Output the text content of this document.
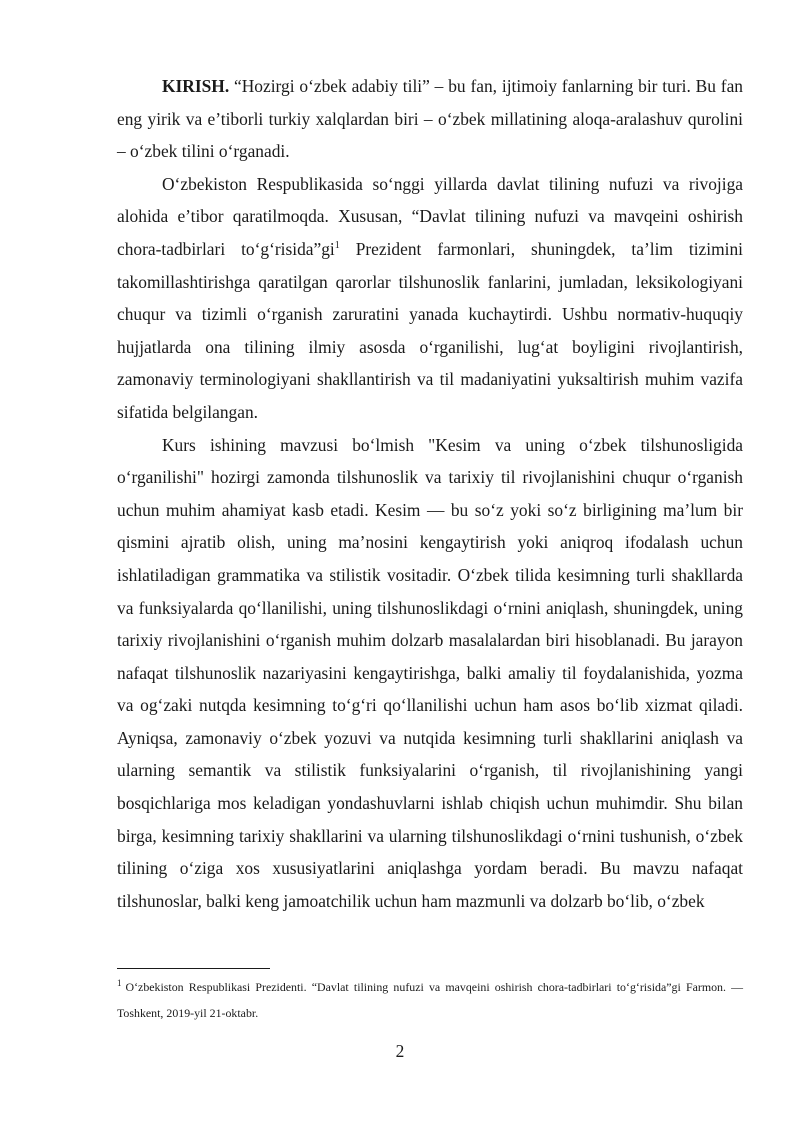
KIRISH. “Hozirgi o‘zbek adabiy tili” – bu fan, ijtimoiy fanlarning bir turi. Bu fan eng yirik va e’tiborli turkiy xalqlardan biri – o‘zbek millatining aloqa-aralashuv qurolini – o‘zbek tilini o‘rganadi.

O‘zbekiston Respublikasida so‘nggi yillarda davlat tilining nufuzi va rivojiga alohida e’tibor qaratilmoqda. Xususan, “Davlat tilining nufuzi va mavqeini oshirish chora-tadbirlari to‘g‘risida”gi$^1$ Prezident farmonlari, shuningdek, ta’lim tizimini takomillashtirishga qaratilgan qarorlar tilshunoslik fanlarini, jumladan, leksikologiyani chuqur va tizimli o‘rganish zaruratini yanada kuchaytirdi. Ushbu normativ-huquqiy hujjatlarda ona tilining ilmiy asosda o‘rganilishi, lug‘at boyligini rivojlantirish, zamonaviy terminologiyani shakllantirish va til madaniyatini yuksaltirish muhim vazifa sifatida belgilangan.

Kurs ishining mavzusi bo‘lmish "Kesim va uning o‘zbek tilshunosligida o‘rganilishi" hozirgi zamonda tilshunoslik va tarixiy til rivojlanishini chuqur o‘rganish uchun muhim ahamiyat kasb etadi. Kesim — bu so‘z yoki so‘z birligining ma’lum bir qismini ajratib olish, uning ma’nosini kengaytirish yoki aniqroq ifodalash uchun ishlatiladigan grammatika va stilistik vositadir. O‘zbek tilida kesimning turli shakllarda va funksiyalarda qo‘llanilishi, uning tilshunoslikdagi o‘rnini aniqlash, shuningdek, uning tarixiy rivojlanishini o‘rganish muhim dolzarb masalalardan biri hisoblanadi. Bu jarayon nafaqat tilshunoslik nazariyasini kengaytirishga, balki amaliy til foydalanishida, yozma va og‘zaki nutqda kesimning to‘g‘ri qo‘llanilishi uchun ham asos bo‘lib xizmat qiladi. Ayniqsa, zamonaviy o‘zbek yozuvi va nutqida kesimning turli shakllarini aniqlash va ularning semantik va stilistik funksiyalarini o‘rganish, til rivojlanishining yangi bosqichlariga mos keladigan yondashuvlarni ishlab chiqish uchun muhimdir. Shu bilan birga, kesimning tarixiy shakllarini va ularning tilshunoslikdagi o‘rnini tushunish, o‘zbek tilining o‘ziga xos xususiyatlarini aniqlashga yordam beradi. Bu mavzu nafaqat tilshunoslar, balki keng jamoatchilik uchun ham mazmunli va dolzarb bo‘lib, o‘zbek

$^1$ O‘zbekiston Respublikasi Prezidenti. “Davlat tilining nufuzi va mavqeini oshirish chora-tadbirlari to‘g‘risida”gi Farmon. — Toshkent, 2019-yil 21-oktabr.
2
